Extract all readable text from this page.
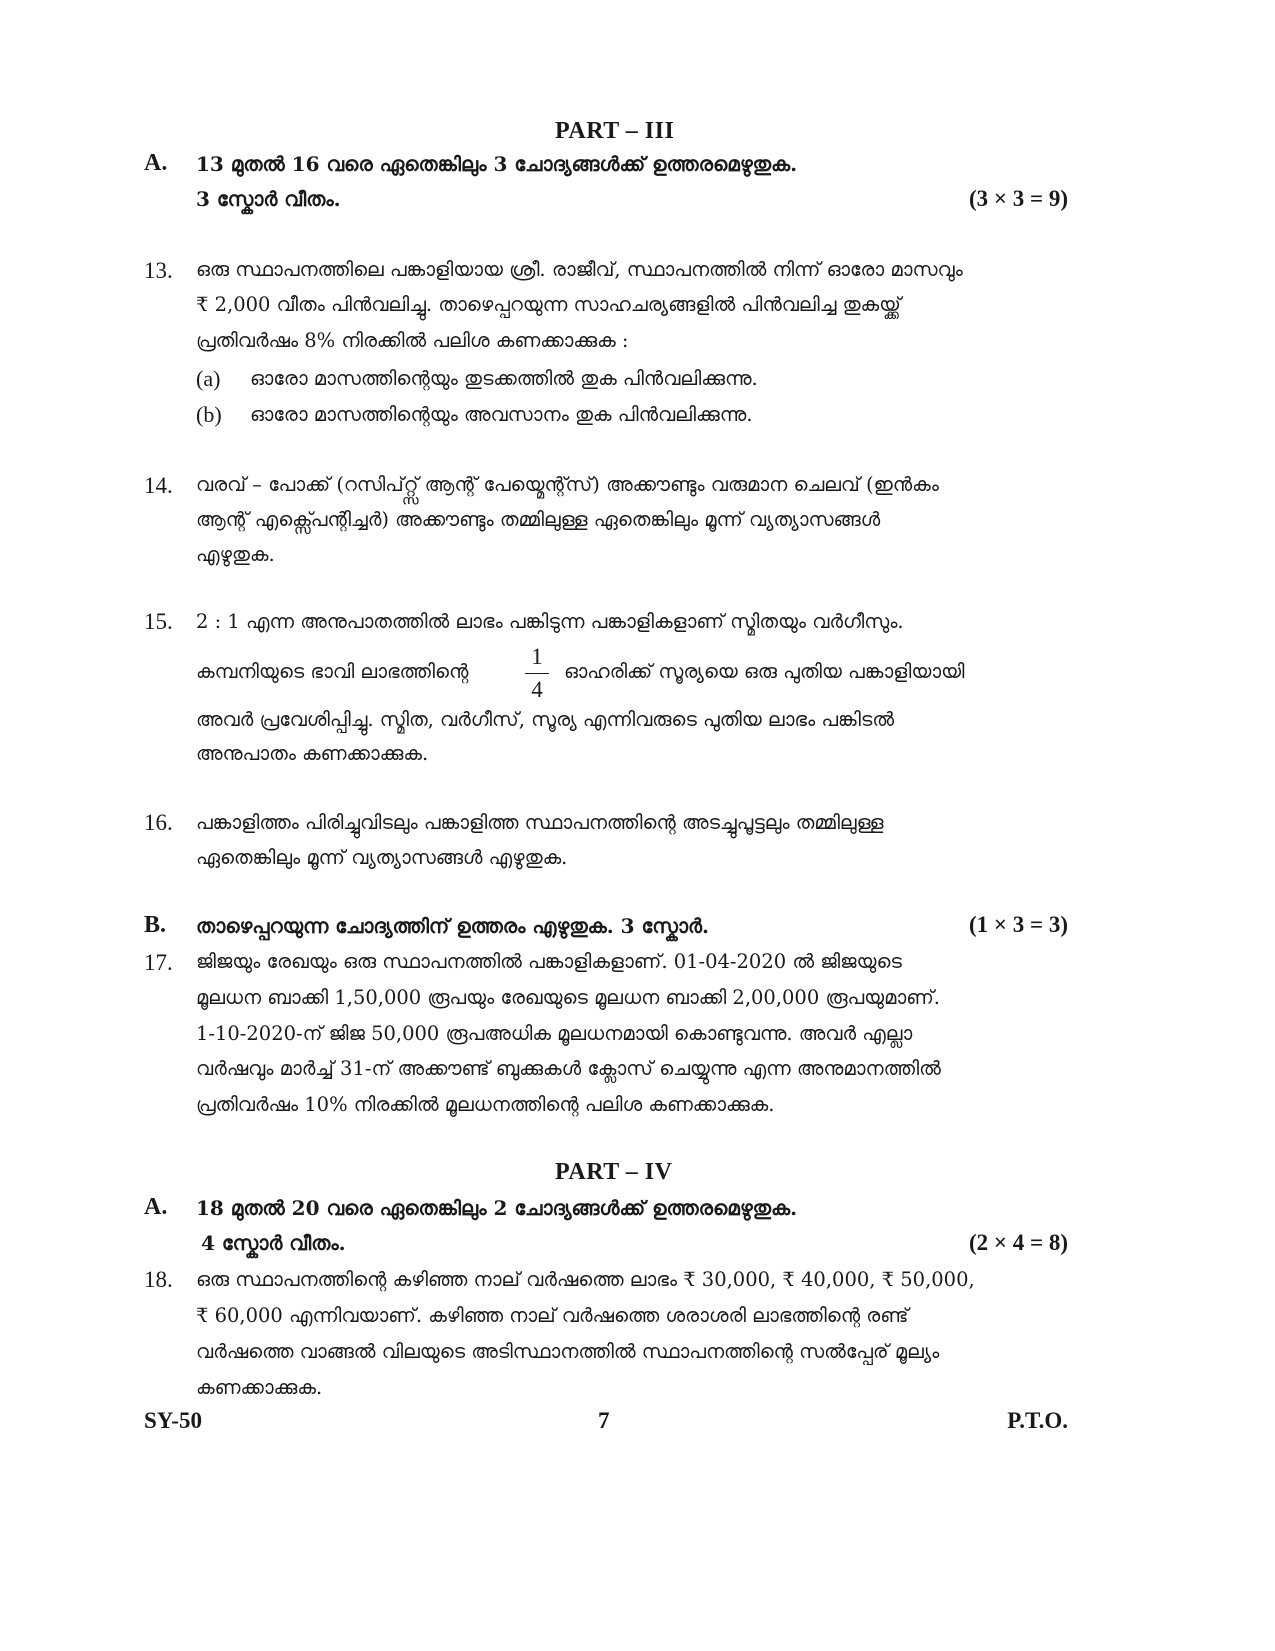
PART – III
A. 13 മുതൽ 16 വരെ ഏതെങ്കിലും 3 ചോദ്യങ്ങൾക്ക് ഉത്തരമെഴുതുക.
3 സ്കോർ വീതം.	(3 × 3 = 9)
13. ഒരു സ്ഥാപനത്തിലെ പങ്കാളിയായ ശ്രീ. രാജീവ്, സ്ഥാപനത്തിൽ നിന്ന് ഓരോ മാസവും
₹ 2,000 വീതം പിൻവലിച്ചു. താഴെപ്പറയുന്ന സാഹചര്യങ്ങളിൽ പിൻവലിച്ച തുകയ്ക്ക്
പ്രതിവർഷം 8% നിരക്കിൽ പലിശ കണക്കാക്കുക :
(a) ഓരോ മാസത്തിന്റെയും തുടക്കത്തിൽ തുക പിൻവലിക്കുന്നു.
(b) ഓരോ മാസത്തിന്റെയും അവസാനം തുക പിൻവലിക്കുന്നു.
14. വരവ് – പോക്ക് (റസിപ്റ്റ്സ് ആന്റ് പേയ്മെന്റ്സ്) അക്കൗണ്ടും വരുമാന ചെലവ് (ഇൻകം
ആന്റ് എക്സ്പെന്റിച്ചർ) അക്കൗണ്ടും തമ്മിലുള്ള ഏതെങ്കിലും മൂന്ന് വ്യത്യാസങ്ങൾ
എഴുതുക.
15. 2 : 1 എന്ന അനുപാതത്തിൽ ലാഭം പങ്കിടുന്ന പങ്കാളികളാണ് സ്മിതയും വർഗീസും.
കമ്പനിയുടെ ഭാവി ലാഭത്തിന്റെ
1
4
ഓഹരിക്ക് സൂര്യയെ ഒരു പുതിയ പങ്കാളിയായി
അവർ പ്രവേശിപ്പിച്ചു. സ്മിത, വർഗീസ്, സൂര്യ എന്നിവരുടെ പുതിയ ലാഭം പങ്കിടൽ
അനുപാതം കണക്കാക്കുക.
16. പങ്കാളിത്തം പിരിച്ചുവിടലും പങ്കാളിത്ത സ്ഥാപനത്തിന്റെ അടച്ചുപൂട്ടലും തമ്മിലുള്ള
ഏതെങ്കിലും മൂന്ന് വ്യത്യാസങ്ങൾ എഴുതുക.
B. താഴെപ്പറയുന്ന ചോദ്യത്തിന് ഉത്തരം എഴുതുക. 3 സ്കോർ.	(1 × 3 = 3)
17. ജിജയും രേഖയും ഒരു സ്ഥാപനത്തിൽ പങ്കാളികളാണ്. 01-04-2020 ൽ ജിജയുടെ
മൂലധന ബാക്കി 1,50,000 രൂപയും രേഖയുടെ മൂലധന ബാക്കി 2,00,000 രൂപയുമാണ്.
1-10-2020-ന് ജിജ 50,000 രൂപഅധിക മൂലധനമായി കൊണ്ടുവന്നു. അവർ എല്ലാ
വർഷവും മാർച്ച് 31-ന് അക്കൗണ്ട് ബുക്കുകൾ ക്ലോസ് ചെയ്യുന്നു എന്ന അനുമാനത്തിൽ
പ്രതിവർഷം 10% നിരക്കിൽ മൂലധനത്തിന്റെ പലിശ കണക്കാക്കുക.
PART – IV
A. 18 മുതൽ 20 വരെ ഏതെങ്കിലും 2 ചോദ്യങ്ങൾക്ക് ഉത്തരമെഴുതുക.
4 സ്കോർ വീതം.	(2 × 4 = 8)
18. ഒരു സ്ഥാപനത്തിന്റെ കഴിഞ്ഞ നാല് വർഷത്തെ ലാഭം ₹ 30,000, ₹ 40,000, ₹ 50,000,
₹ 60,000 എന്നിവയാണ്. കഴിഞ്ഞ നാല് വർഷത്തെ ശരാശരി ലാഭത്തിന്റെ രണ്ട്
വർഷത്തെ വാങ്ങൽ വിലയുടെ അടിസ്ഥാനത്തിൽ സ്ഥാപനത്തിന്റെ സൽപ്പേര് മൂല്യം
കണക്കാക്കുക.
SY-50	7	P.T.O.
